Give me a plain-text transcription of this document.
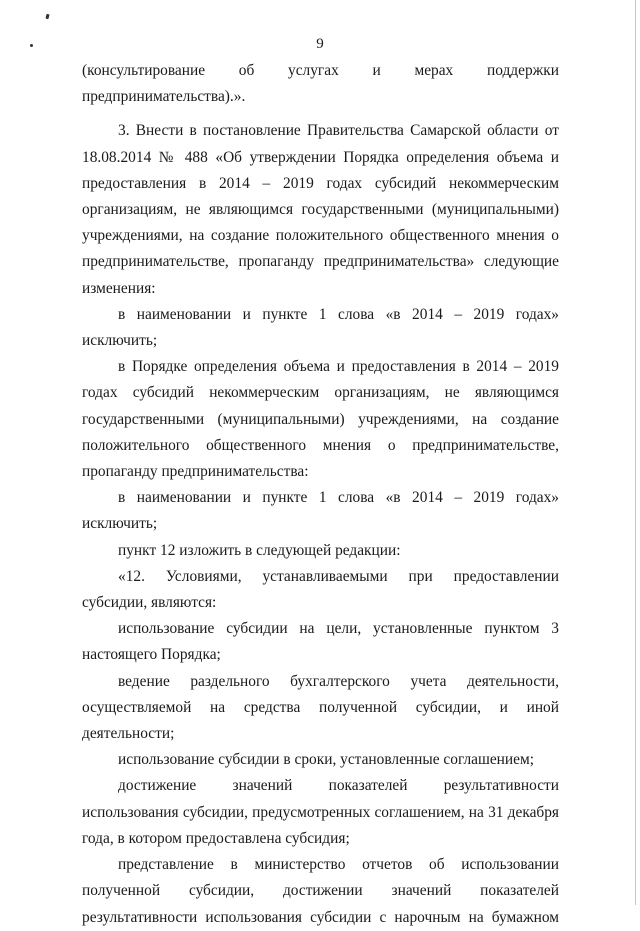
9

(консультирование об услугах и мерах поддержки предпринимательства).».

3. Внести в постановление Правительства Самарской области от 18.08.2014 № 488 «Об утверждении Порядка определения объема и предоставления в 2014 – 2019 годах субсидий некоммерческим организациям, не являющимся государственными (муниципальными) учреждениями, на создание положительного общественного мнения о предпринимательстве, пропаганду предпринимательства» следующие изменения:

в наименовании и пункте 1 слова «в 2014 – 2019 годах» исключить;

в Порядке определения объема и предоставления в 2014 – 2019 годах субсидий некоммерческим организациям, не являющимся государственными (муниципальными) учреждениями, на создание положительного общественного мнения о предпринимательстве, пропаганду предпринимательства:

в наименовании и пункте 1 слова «в 2014 – 2019 годах» исключить;

пункт 12 изложить в следующей редакции:

«12. Условиями, устанавливаемыми при предоставлении субсидии, являются:

использование субсидии на цели, установленные пунктом 3 настоящего Порядка;

ведение раздельного бухгалтерского учета деятельности, осуществляемой на средства полученной субсидии, и иной деятельности;

использование субсидии в сроки, установленные соглашением;

достижение значений показателей результативности использования субсидии, предусмотренных соглашением, на 31 декабря года, в котором предоставлена субсидия;

представление в министерство отчетов об использовании полученной субсидии, достижении значений показателей результативности использования субсидии с нарочным на бумажном
